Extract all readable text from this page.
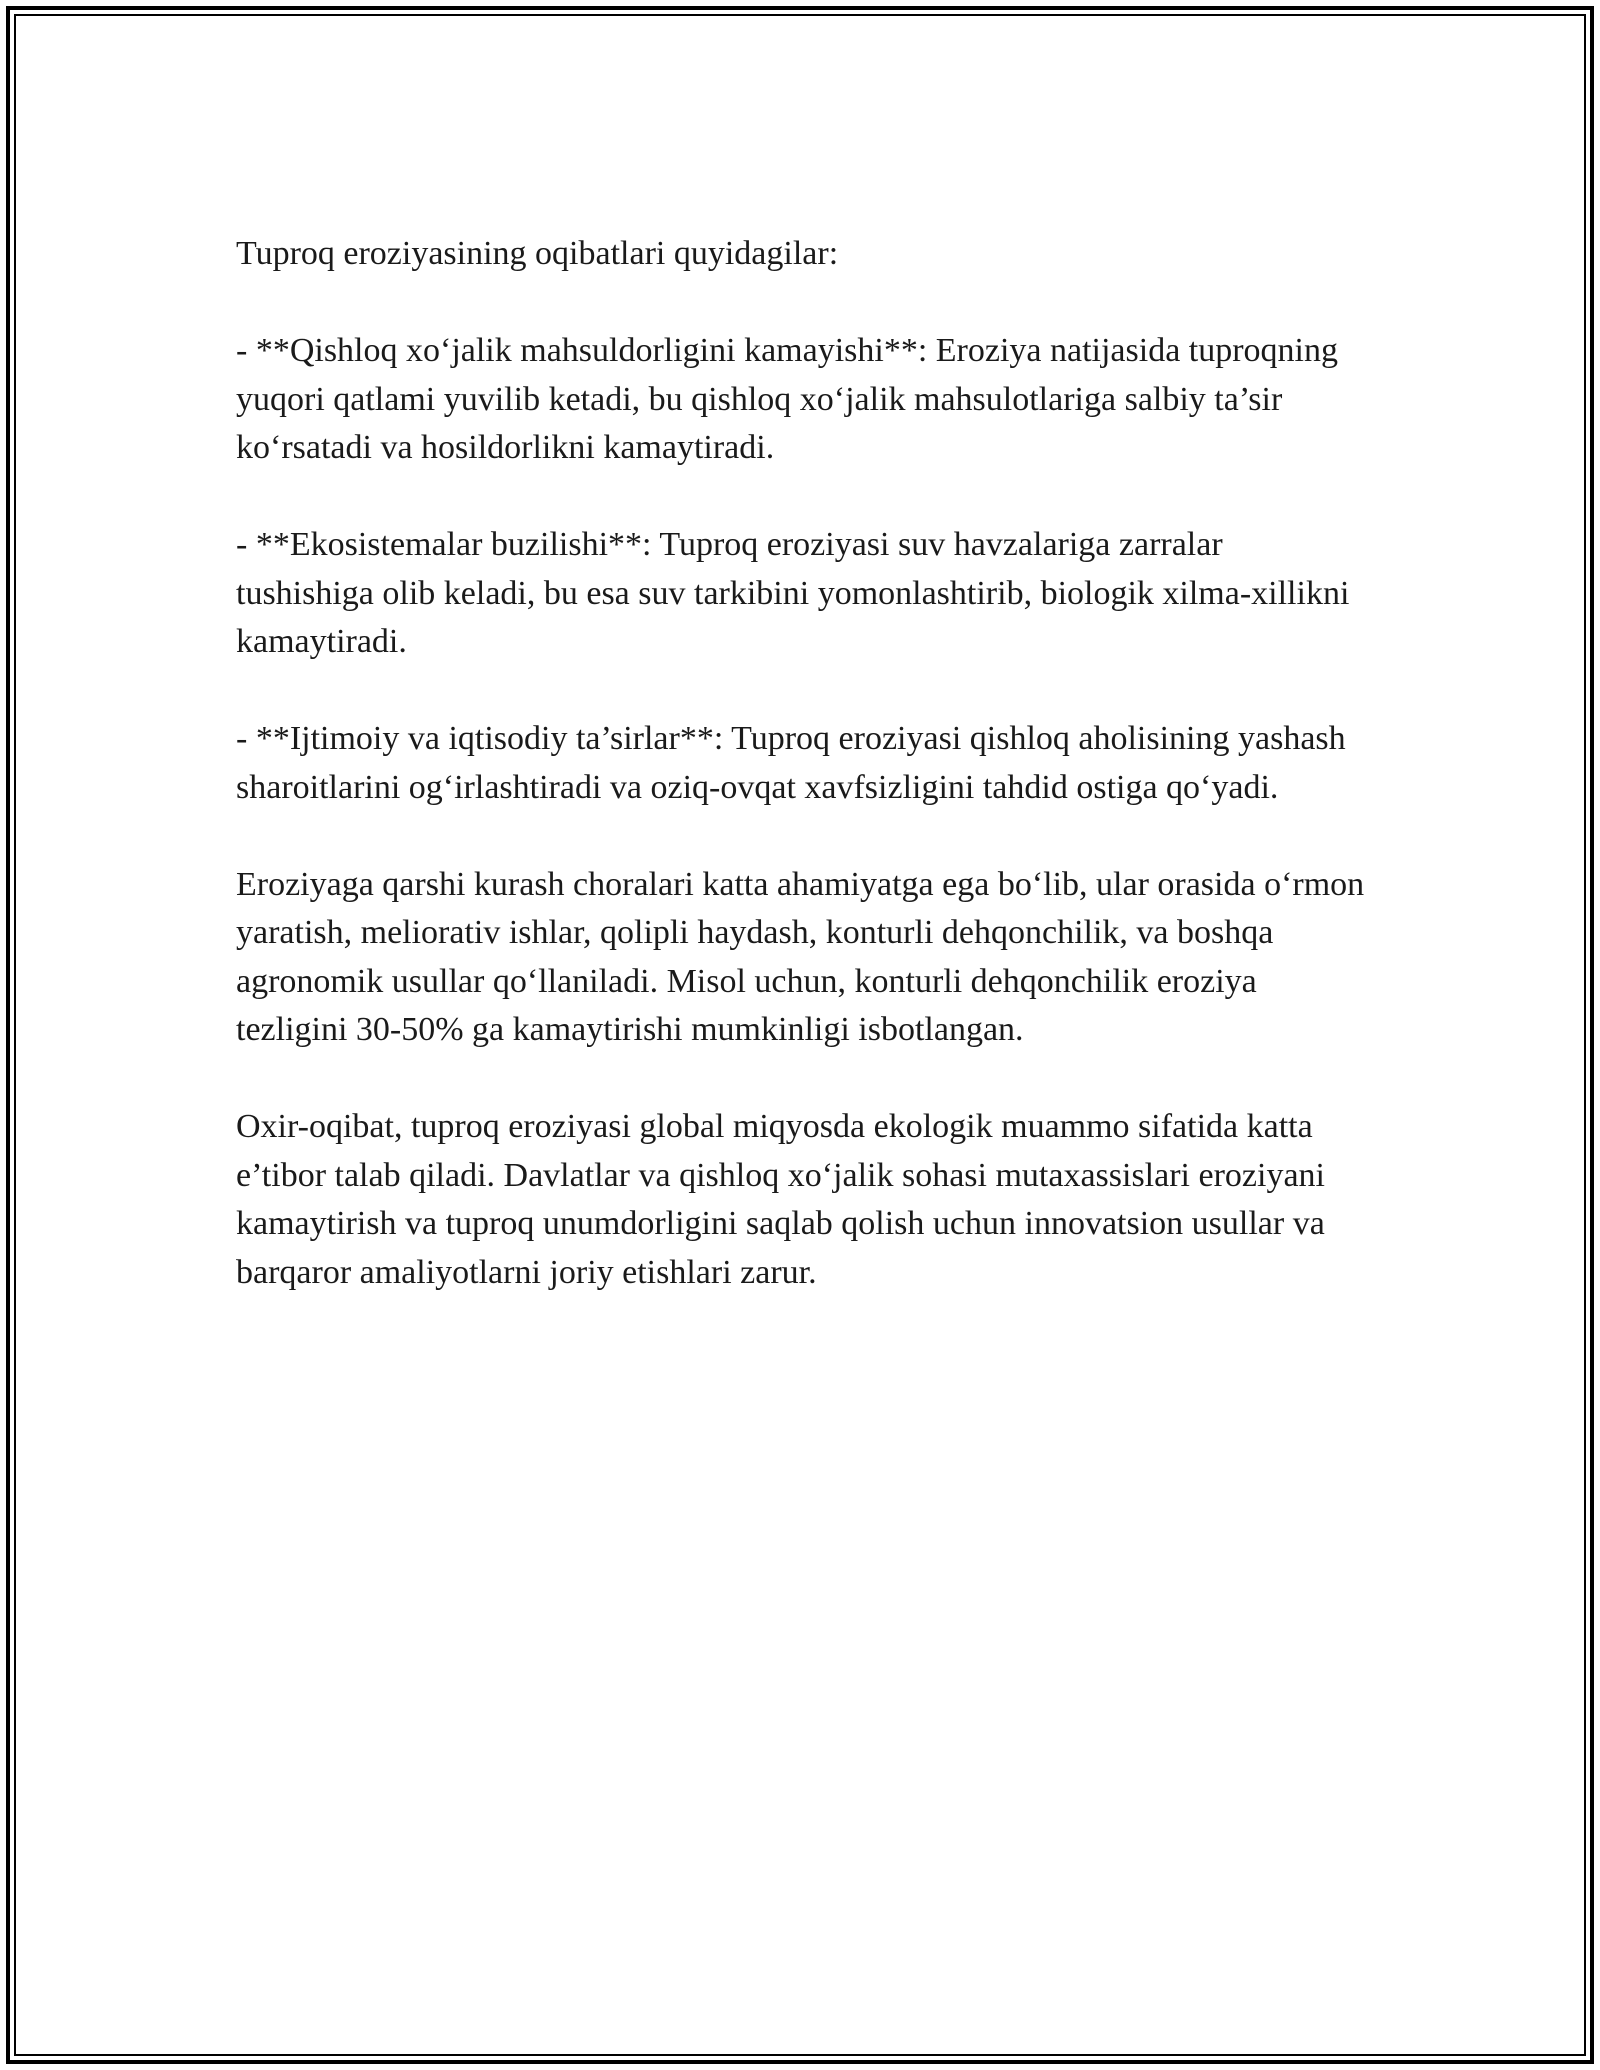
Tuproq eroziyasining oqibatlari quyidagilar:

- **Qishloq xo‘jalik mahsuldorligini kamayishi**: Eroziya natijasida tuproqning yuqori qatlami yuvilib ketadi, bu qishloq xo‘jalik mahsulotlariga salbiy ta’sir ko‘rsatadi va hosildorlikni kamaytiradi.

- **Ekosistemalar buzilishi**: Tuproq eroziyasi suv havzalariga zarralar tushishiga olib keladi, bu esa suv tarkibini yomonlashtirib, biologik xilma-xillikni kamaytiradi.

- **Ijtimoiy va iqtisodiy ta’sirlar**: Tuproq eroziyasi qishloq aholisining yashash sharoitlarini og‘irlashtiradi va oziq-ovqat xavfsizligini tahdid ostiga qo‘yadi.

Eroziyaga qarshi kurash choralari katta ahamiyatga ega bo‘lib, ular orasida o‘rmon yaratish, meliorativ ishlar, qolipli haydash, konturli dehqonchilik, va boshqa agronomik usullar qo‘llaniladi. Misol uchun, konturli dehqonchilik eroziya tezligini 30-50% ga kamaytirishi mumkinligi isbotlangan.

Oxir-oqibat, tuproq eroziyasi global miqyosda ekologik muammo sifatida katta e’tibor talab qiladi. Davlatlar va qishloq xo‘jalik sohasi mutaxassislari eroziyani kamaytirish va tuproq unumdorligini saqlab qolish uchun innovatsion usullar va barqaror amaliyotlarni joriy etishlari zarur.
